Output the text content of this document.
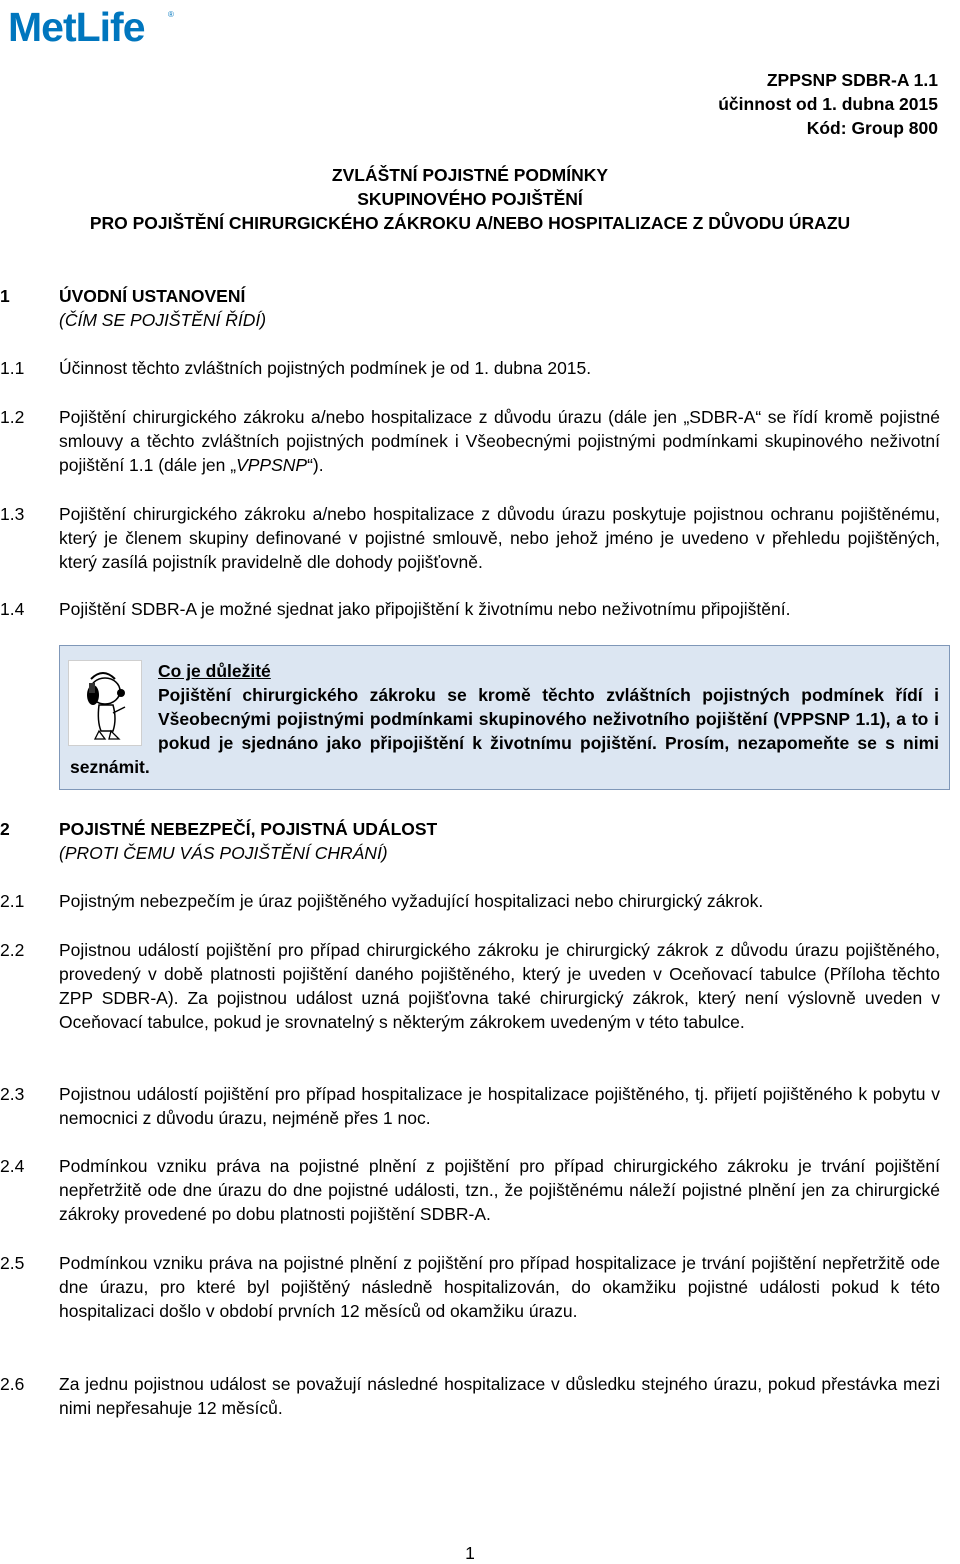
MetLife	®
ZPPSNP SDBR-A 1.1
účinnost od 1. dubna 2015
Kód: Group 800
ZVLÁŠTNÍ POJISTNÉ PODMÍNKY
SKUPINOVÉHO POJIŠTĚNÍ
PRO POJIŠTĚNÍ CHIRURGICKÉHO ZÁKROKU A/NEBO HOSPITALIZACE Z DŮVODU ÚRAZU
1	ÚVODNÍ USTANOVENÍ
(ČÍM SE POJIŠTĚNÍ ŘÍDÍ)
1.1 Účinnost těchto zvláštních pojistných podmínek je od 1. dubna 2015.
1.2 Pojištění chirurgického zákroku a/nebo hospitalizace z důvodu úrazu (dále jen „SDBR-A“ se řídí kromě pojistné smlouvy a těchto zvláštních pojistných podmínek i Všeobecnými pojistnými podmínkami skupinového neživotní pojištění 1.1 (dále jen „VPPSNP“).
1.3 Pojištění chirurgického zákroku a/nebo hospitalizace z důvodu úrazu poskytuje pojistnou ochranu pojištěnému, který je členem skupiny definované v pojistné smlouvě, nebo jehož jméno je uvedeno v přehledu pojištěných, který zasílá pojistník pravidelně dle dohody pojišťovně.
1.4 Pojištění SDBR-A je možné sjednat jako připojištění k životnímu nebo neživotnímu připojištění.
Co je důležité
Pojištění chirurgického zákroku se kromě těchto zvláštních pojistných podmínek řídí i Všeobecnými pojistnými podmínkami skupinového neživotního pojištění (VPPSNP 1.1), a to i pokud je sjednáno jako připojištění k životnímu pojištění. Prosím, nezapomeňte se s nimi seznámit.
2	POJISTNÉ NEBEZPEČÍ, POJISTNÁ UDÁLOST
(PROTI ČEMU VÁS POJIŠTĚNÍ CHRÁNÍ)
2.1 Pojistným nebezpečím je úraz pojištěného vyžadující hospitalizaci nebo chirurgický zákrok.
2.2 Pojistnou událostí pojištění pro případ chirurgického zákroku je chirurgický zákrok z důvodu úrazu pojištěného, provedený v době platnosti pojištění daného pojištěného, který je uveden v Oceňovací tabulce (Příloha těchto ZPP SDBR-A). Za pojistnou událost uzná pojišťovna také chirurgický zákrok, který není výslovně uveden v Oceňovací tabulce, pokud je srovnatelný s některým zákrokem uvedeným v této tabulce.
2.3 Pojistnou událostí pojištění pro případ hospitalizace je hospitalizace pojištěného, tj. přijetí pojištěného k pobytu v nemocnici z důvodu úrazu, nejméně přes 1 noc.
2.4 Podmínkou vzniku práva na pojistné plnění z pojištění pro případ chirurgického zákroku je trvání pojištění nepřetržitě ode dne úrazu do dne pojistné události, tzn., že pojištěnému náleží pojistné plnění jen za chirurgické zákroky provedené po dobu platnosti pojištění SDBR-A.
2.5 Podmínkou vzniku práva na pojistné plnění z pojištění pro případ hospitalizace je trvání pojištění nepřetržitě ode dne úrazu, pro které byl pojištěný následně hospitalizován, do okamžiku pojistné události pokud k této hospitalizaci došlo v období prvních 12 měsíců od okamžiku úrazu.
2.6 Za jednu pojistnou událost se považují následné hospitalizace v důsledku stejného úrazu, pokud přestávka mezi nimi nepřesahuje 12 měsíců.
1
